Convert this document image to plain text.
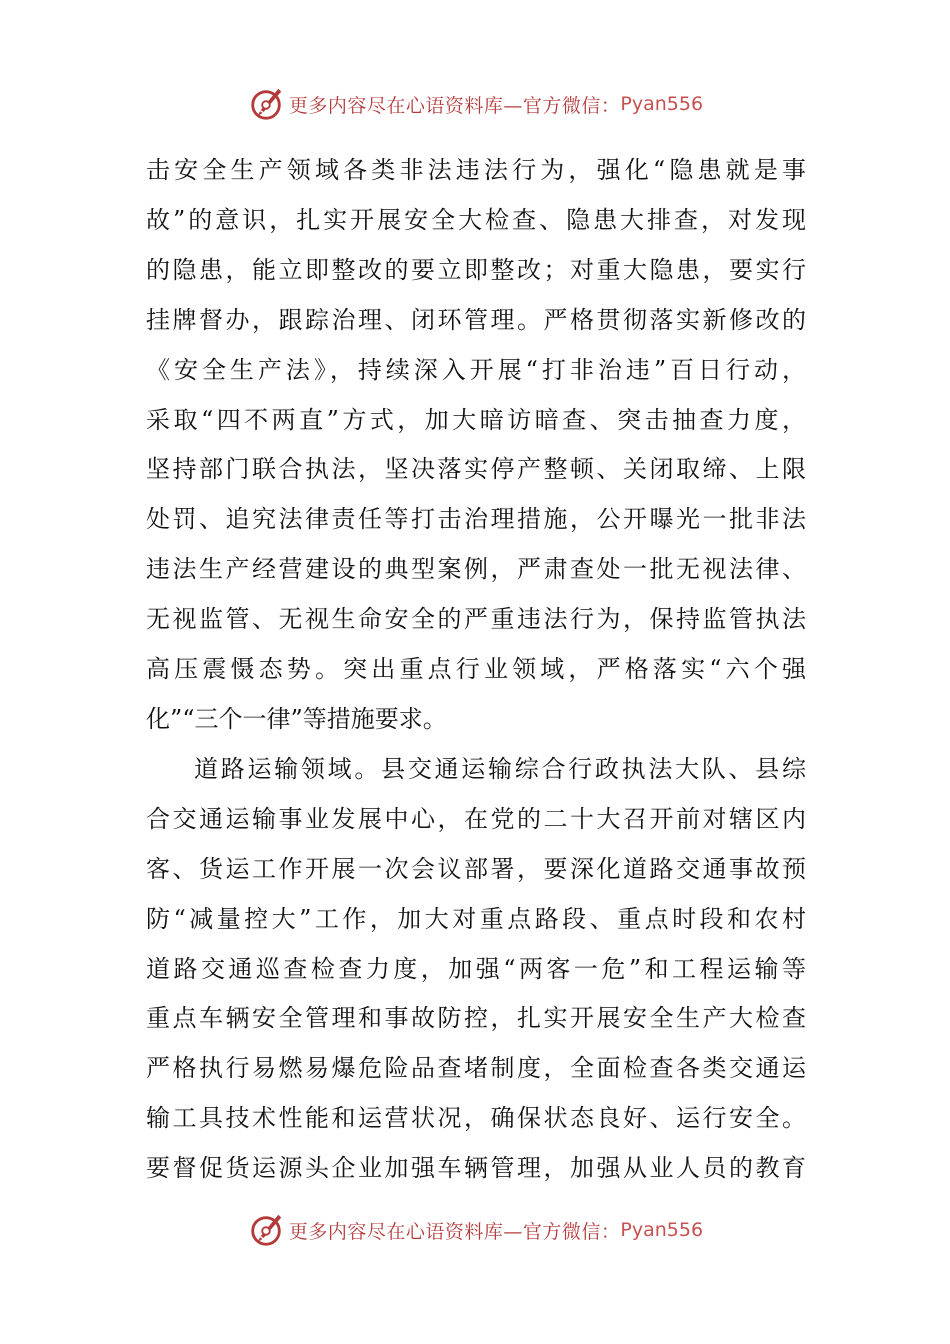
更多内容尽在心语资料库—官方微信： Pyan556

击安全生产领域各类非法违法行为，强化“隐患就是事
故”的意识，扎实开展安全大检查、隐患大排查，对发现
的隐患，能立即整改的要立即整改；对重大隐患，要实行
挂牌督办，跟踪治理、闭环管理。严格贯彻落实新修改的
《安全生产法》，持续深入开展“打非治违”百日行动，
采取“四不两直”方式，加大暗访暗查、突击抽查力度，
坚持部门联合执法，坚决落实停产整顿、关闭取缔、上限
处罚、追究法律责任等打击治理措施，公开曝光一批非法
违法生产经营建设的典型案例，严肃查处一批无视法律、
无视监管、无视生命安全的严重违法行为，保持监管执法
高压震慑态势。突出重点行业领域，严格落实“六个强
化”“三个一律”等措施要求。

道路运输领域。县交通运输综合行政执法大队、县综
合交通运输事业发展中心，在党的二十大召开前对辖区内
客、货运工作开展一次会议部署，要深化道路交通事故预
防“减量控大”工作，加大对重点路段、重点时段和农村
道路交通巡查检查力度，加强“两客一危”和工程运输等
重点车辆安全管理和事故防控，扎实开展安全生产大检查
严格执行易燃易爆危险品查堵制度，全面检查各类交通运
输工具技术性能和运营状况，确保状态良好、运行安全。
要督促货运源头企业加强车辆管理，加强从业人员的教育

更多内容尽在心语资料库—官方微信： Pyan556
